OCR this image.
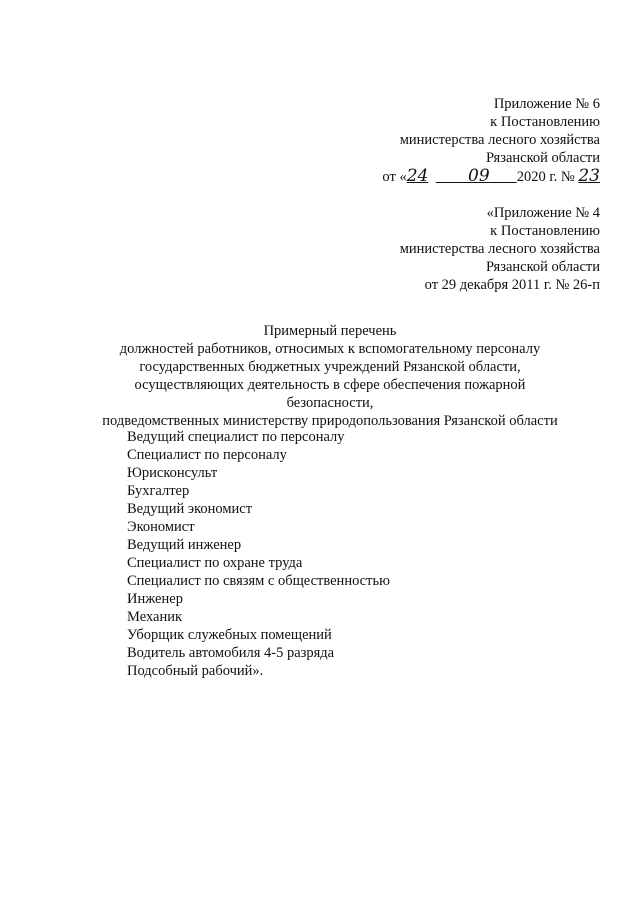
Приложение № 6
к Постановлению
министерства лесного хозяйства
Рязанской области
от «24 09 2020 г. № 23
«Приложение № 4
к Постановлению
министерства лесного хозяйства
Рязанской области
от 29 декабря 2011 г. № 26-п
Примерный перечень
должностей работников, относимых к вспомогательному персоналу
государственных бюджетных учреждений Рязанской области,
осуществляющих деятельность в сфере обеспечения пожарной безопасности,
подведомственных министерству природопользования Рязанской области
Ведущий специалист по персоналу
Специалист по персоналу
Юрисконсульт
Бухгалтер
Ведущий экономист
Экономист
Ведущий инженер
Специалист по охране труда
Специалист по связям с общественностью
Инженер
Механик
Уборщик служебных помещений
Водитель автомобиля 4-5 разряда
Подсобный рабочий».
